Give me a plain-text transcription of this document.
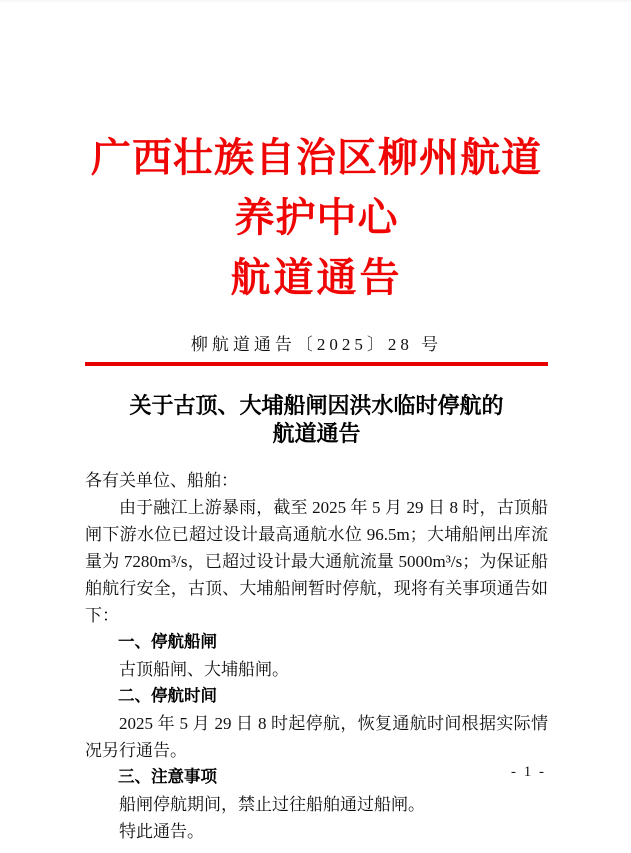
广西壮族自治区柳州航道养护中心
航道通告
柳航道通告〔2025〕28 号
关于古顶、大埔船闸因洪水临时停航的
航道通告

各有关单位、船舶：

由于融江上游暴雨，截至 2025 年 5 月 29 日 8 时，古顶船闸下游水位已超过设计最高通航水位 96.5m；大埔船闸出库流量为 7280m³/s，已超过设计最大通航流量 5000m³/s；为保证船舶航行安全，古顶、大埔船闸暂时停航，现将有关事项通告如下：

一、停航船闸

古顶船闸、大埔船闸。

二、停航时间

2025 年 5 月 29 日 8 时起停航，恢复通航时间根据实际情况另行通告。

三、注意事项

船闸停航期间，禁止过往船舶通过船闸。

特此通告。

- 1 -
